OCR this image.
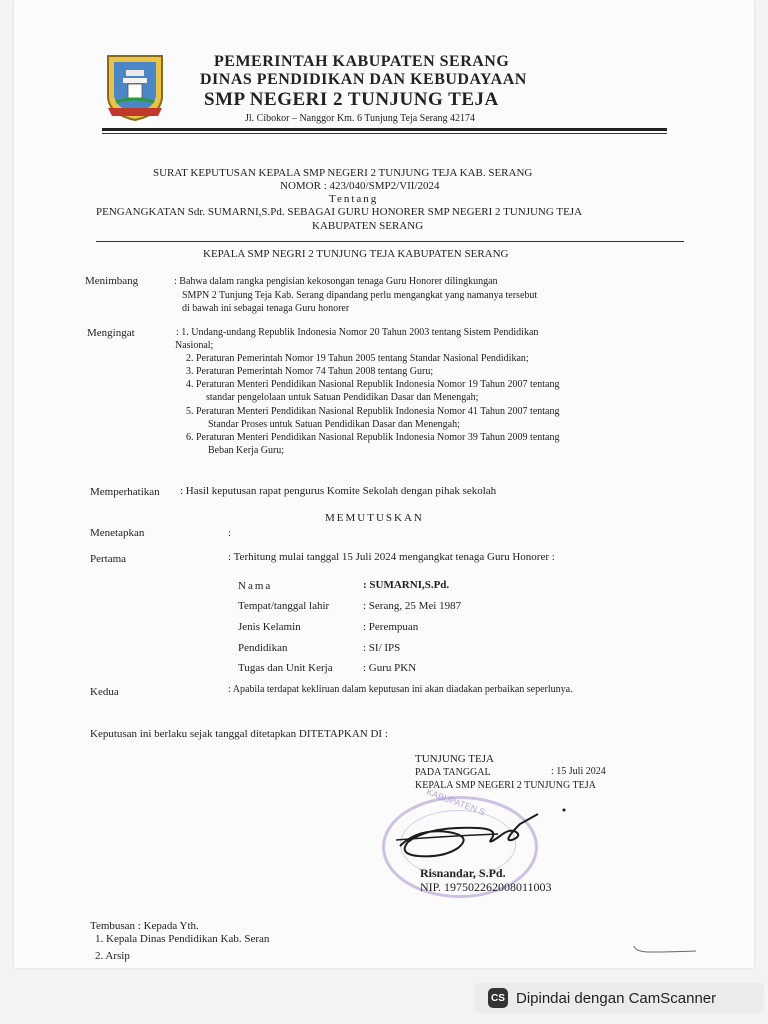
PEMERINTAH KABUPATEN SERANG
DINAS PENDIDIKAN DAN KEBUDAYAAN
SMP NEGERI 2 TUNJUNG TEJA
Jl. Cibokor – Nanggor Km. 6 Tunjung Teja Serang 42174
SURAT KEPUTUSAN KEPALA SMP NEGERI 2 TUNJUNG TEJA KAB. SERANG
NOMOR : 423/040/SMP2/VII/2024
Tentang
PENGANGKATAN Sdr. SUMARNI,S.Pd. SEBAGAI GURU HONORER SMP NEGERI 2 TUNJUNG TEJA
KABUPATEN SERANG
KEPALA SMP NEGRI 2 TUNJUNG TEJA KABUPATEN SERANG
Menimbang	: Bahwa dalam rangka pengisian kekosongan tenaga Guru Honorer dilingkungan
SMPN 2 Tunjung Teja Kab. Serang dipandang perlu mengangkat yang namanya tersebut
di bawah ini sebagai tenaga Guru honorer
Mengingat	: 1. Undang-undang Republik Indonesia Nomor 20 Tahun 2003 tentang Sistem Pendidikan
Nasional;
2. Peraturan Pemerintah Nomor 19 Tahun 2005 tentang Standar Nasional Pendidikan;
3. Peraturan Pemerintah Nomor 74 Tahun 2008 tentang Guru;
4. Peraturan Menteri Pendidikan Nasional Republik Indonesia Nomor 19 Tahun 2007 tentang
standar pengelolaan untuk Satuan Pendidikan Dasar dan Menengah;
5. Peraturan Menteri Pendidikan Nasional Republik Indonesia Nomor 41 Tahun 2007 tentang
Standar Proses untuk Satuan Pendidikan Dasar dan Menengah;
6. Peraturan Menteri Pendidikan Nasional Republik Indonesia Nomor 39 Tahun 2009 tentang
Beban Kerja Guru;
Memperhatikan : Hasil keputusan rapat pengurus Komite Sekolah dengan pihak sekolah
MEMUTUSKAN
Menetapkan	:
Pertama	: Terhitung mulai tanggal 15 Juli 2024 mengangkat tenaga Guru Honorer :
Nama	: SUMARNI,S.Pd.
Tempat/tanggal lahir	: Serang, 25 Mei 1987
Jenis Kelamin	: Perempuan
Pendidikan	: SI/ IPS
Tugas dan Unit Kerja	: Guru PKN
Kedua	: Apabila terdapat kekliruan dalam keputusan ini akan diadakan perbaikan seperlunya.
Keputusan ini berlaku sejak tanggal ditetapkan DITETAPKAN DI :
TUNJUNG TEJA
PADA TANGGAL	: 15 Juli 2024
KEPALA SMP NEGERI 2 TUNJUNG TEJA
KABUPATEN S
Risnandar, S.Pd.
NIP. 197502262008011003
Tembusan : Kepada Yth.
1. Kepala Dinas Pendidikan Kab. Seran
2. Arsip
CS Dipindai dengan CamScanner
